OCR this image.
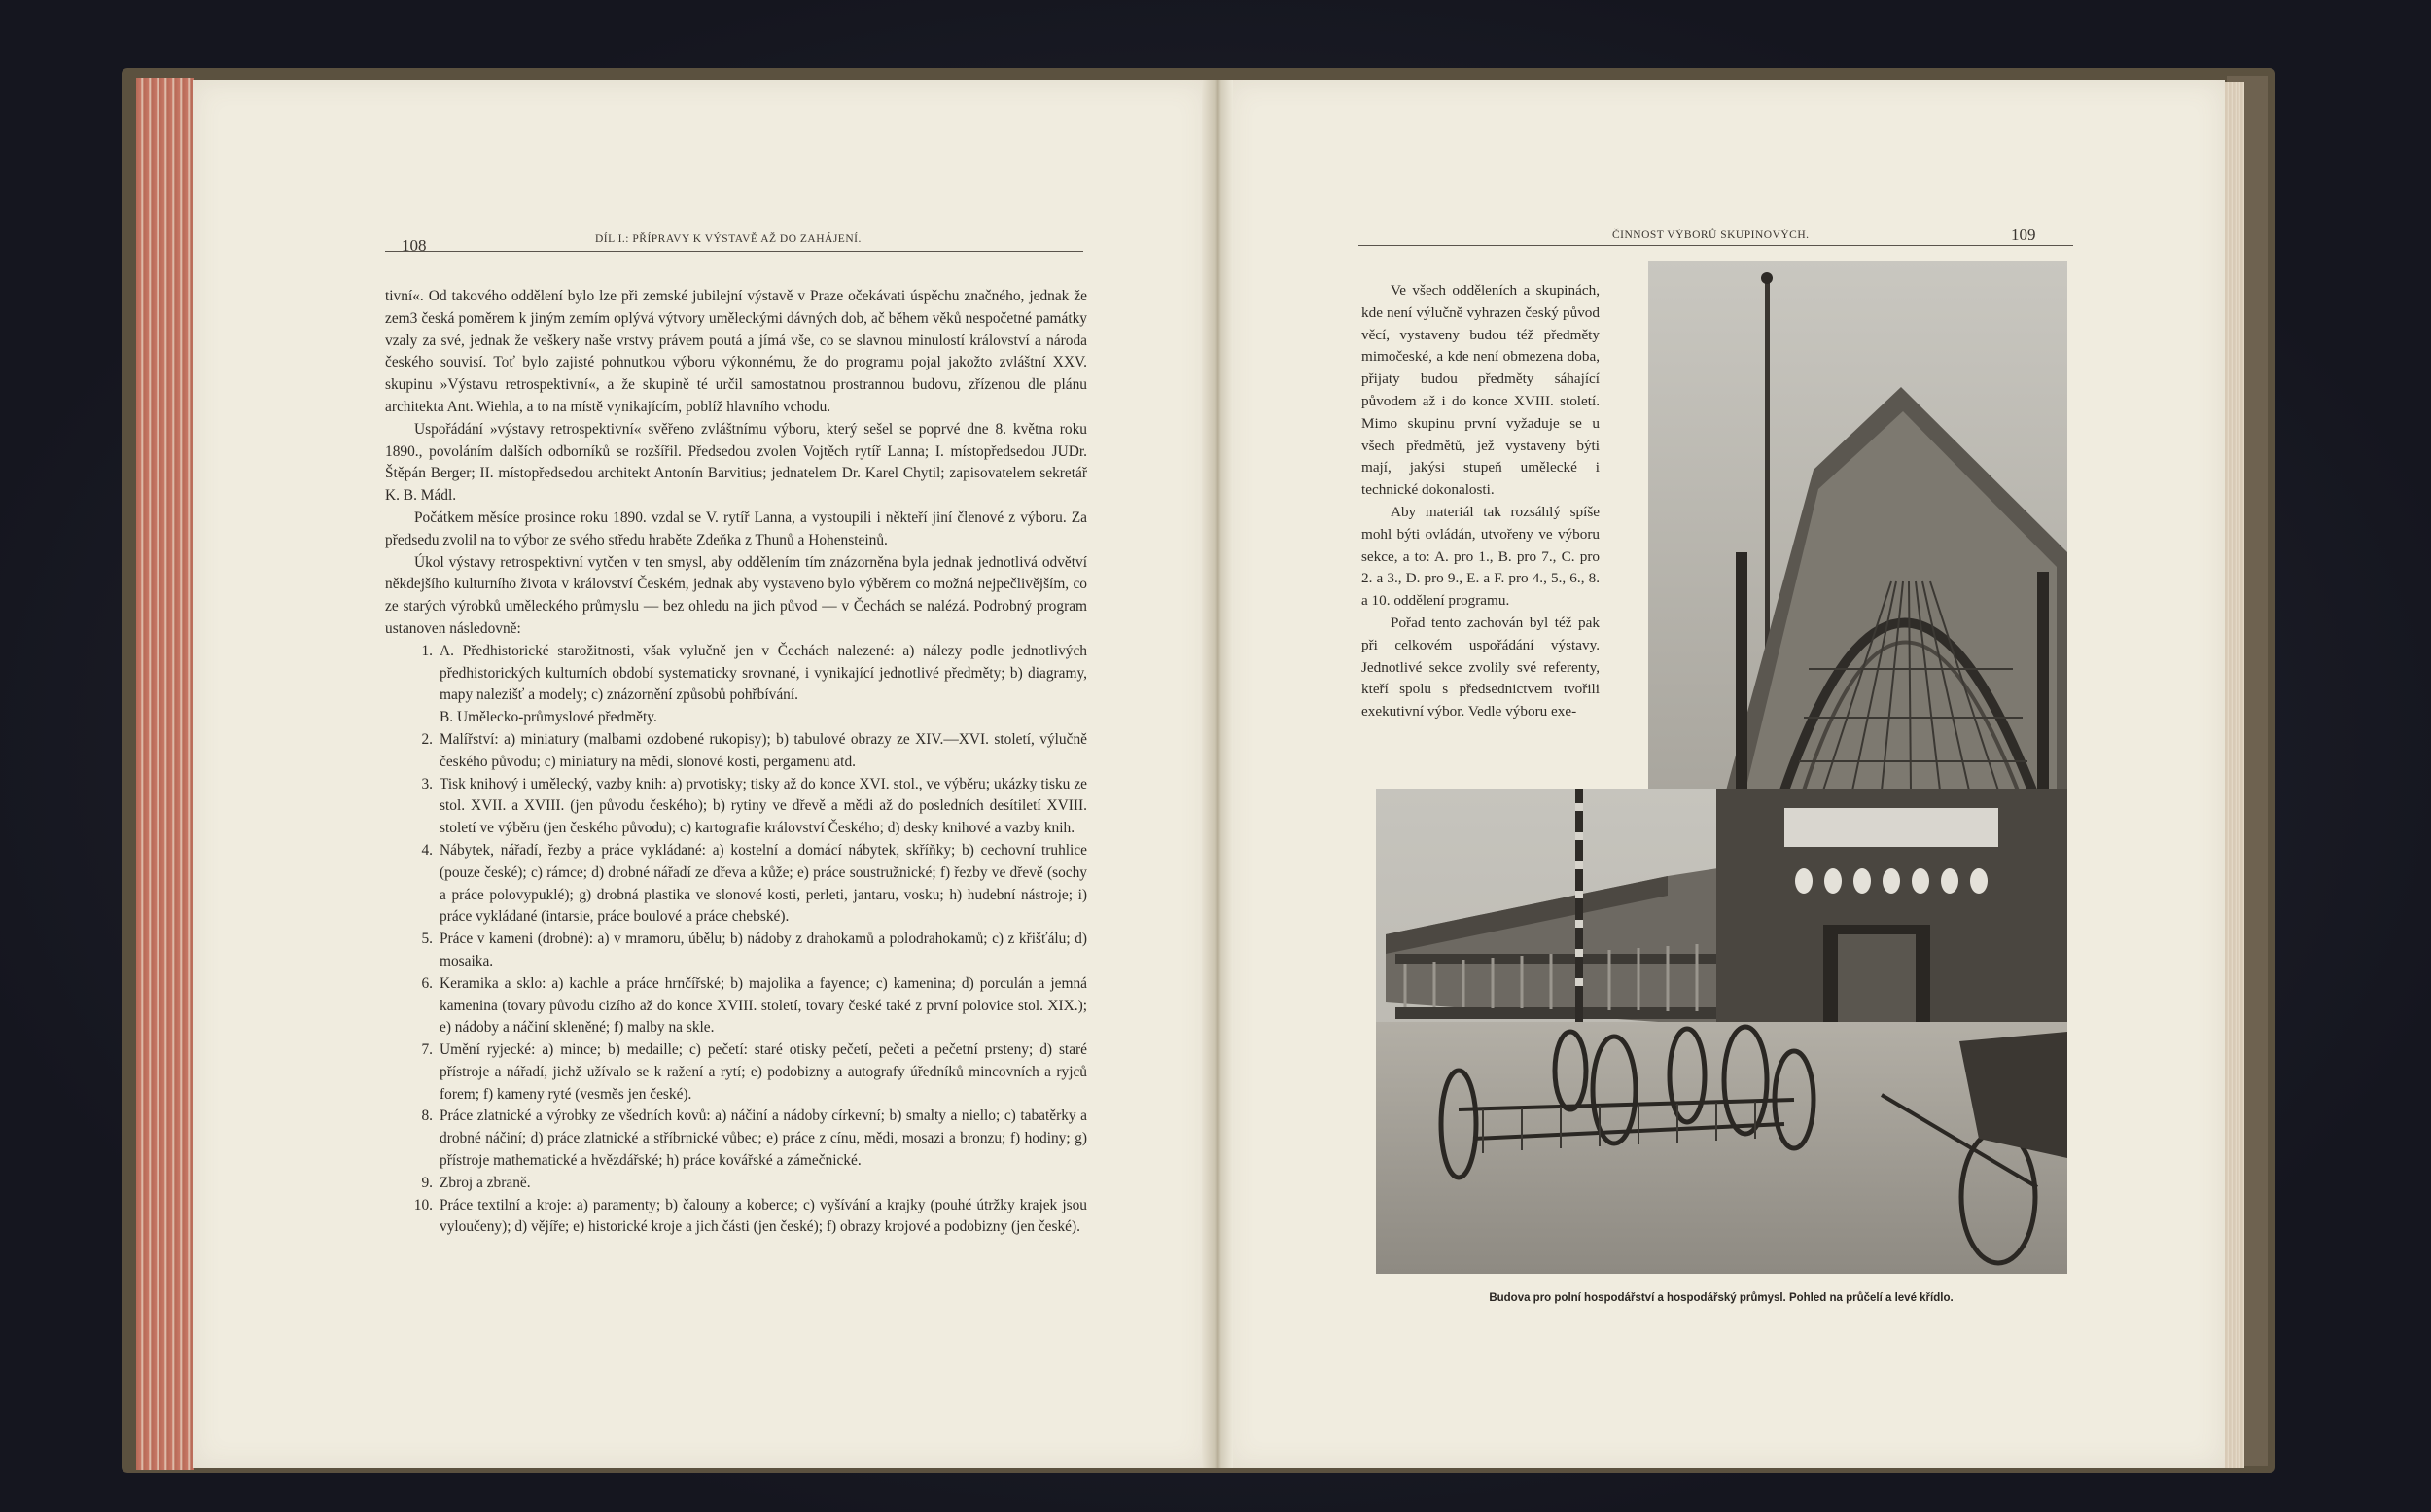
108	DÍL I.: PŘÍPRAVY K VÝSTAVĚ AŽ DO ZAHÁJENÍ.

tivní«. Od takového oddělení bylo lze při zemské jubilejní výstavě v Praze očekávati úspěchu značného, jednak že zem3 česká poměrem k jiným zemím oplývá výtvory uměleckými dávných dob, ač během věků nespočetné památky vzaly za své, jednak že veškery naše vrstvy právem poutá a jímá vše, co se slavnou minulostí království a národa českého souvisí. Toť bylo zajisté pohnutkou výboru výkonnému, že do programu pojal jakožto zvláštní XXV. skupinu »Výstavu retrospektivní«, a že skupině té určil samostatnou prostrannou budovu, zřízenou dle plánu architekta Ant. Wiehla, a to na místě vynikajícím, poblíž hlavního vchodu.

Uspořádání »výstavy retrospektivní« svěřeno zvláštnímu výboru, který sešel se poprvé dne 8. května roku 1890., povoláním dalších odborníků se rozšířil. Předsedou zvolen Vojtěch rytíř Lanna; I. místopředsedou JUDr. Štěpán Berger; II. místopředsedou architekt Antonín Barvitius; jednatelem Dr. Karel Chytil; zapisovatelem sekretář K. B. Mádl.

Počátkem měsíce prosince roku 1890. vzdal se V. rytíř Lanna, a vystoupili i někteří jiní členové z výboru. Za předsedu zvolil na to výbor ze svého středu hraběte Zdeňka z Thunů a Hohensteinů.

Úkol výstavy retrospektivní vytčen v ten smysl, aby oddělením tím znázorněna byla jednak jednotlivá odvětví někdejšího kulturního života v království Českém, jednak aby vystaveno bylo výběrem co možná nejpečlivějším, co ze starých výrobků uměleckého průmyslu — bez ohledu na jich původ — v Čechách se nalézá. Podrobný program ustanoven následovně:

1. A. Předhistorické starožitnosti, však vylučně jen v Čechách nalezené: a) nálezy podle jednotlivých předhistorických kulturních období systematicky srovnané, i vynikající jednotlivé předměty; b) diagramy, mapy nalezišť a modely; c) znázornění způsobů pohřbívání.
B. Umělecko-průmyslové předměty.
2. Malířství: a) miniatury (malbami ozdobené rukopisy); b) tabulové obrazy ze XIV.—XVI. století, výlučně českého původu; c) miniatury na mědi, slonové kosti, pergamenu atd.
3. Tisk knihový i umělecký, vazby knih: a) prvotisky; tisky až do konce XVI. stol., ve výběru; ukázky tisku ze stol. XVII. a XVIII. (jen původu českého); b) rytiny ve dřevě a mědi až do posledních desítiletí XVIII. století ve výběru (jen českého původu); c) kartografie království Českého; d) desky knihové a vazby knih.
4. Nábytek, nářadí, řezby a práce vykládané: a) kostelní a domácí nábytek, skříňky; b) cechovní truhlice (pouze české); c) rámce; d) drobné nářadí ze dřeva a kůže; e) práce soustružnické; f) řezby ve dřevě (sochy a práce polovypuklé); g) drobná plastika ve slonové kosti, perleti, jantaru, vosku; h) hudební nástroje; i) práce vykládané (intarsie, práce boulové a práce chebské).
5. Práce v kameni (drobné): a) v mramoru, úbělu; b) nádoby z drahokamů a polodrahokamů; c) z křišťálu; d) mosaika.
6. Keramika a sklo: a) kachle a práce hrnčířské; b) majolika a fayence; c) kamenina; d) porculán a jemná kamenina (tovary původu cizího až do konce XVIII. století, tovary české také z první polovice stol. XIX.); e) nádoby a náčiní skleněné; f) malby na skle.
7. Umění ryjecké: a) mince; b) medaille; c) pečetí: staré otisky pečetí, pečeti a pečetní prsteny; d) staré přístroje a nářadí, jichž užívalo se k ražení a rytí; e) podobizny a autografy úředníků mincovních a ryjců forem; f) kameny ryté (vesměs jen české).
8. Práce zlatnické a výrobky ze všedních kovů: a) náčiní a nádoby církevní; b) smalty a niello; c) tabatěrky a drobné náčiní; d) práce zlatnické a stříbrnické vůbec; e) práce z cínu, mědi, mosazi a bronzu; f) hodiny; g) přístroje mathematické a hvězdářské; h) práce kovářské a zámečnické.
9. Zbroj a zbraně.
10. Práce textilní a kroje: a) paramenty; b) čalouny a koberce; c) vyšívání a krajky (pouhé útržky krajek jsou vyloučeny); d) vějíře; e) historické kroje a jich části (jen české); f) obrazy krojové a podobizny (jen české).
ČINNOST VÝBORŮ SKUPINOVÝCH.	109

Ve všech odděleních a skupinách, kde není výlučně vyhrazen český původ věcí, vystaveny budou též předměty mimočeské, a kde není obmezena doba, přijaty budou předměty sáhající původem až i do konce XVIII. století. Mimo skupinu první vyžaduje se u všech předmětů, jež vystaveny býti mají, jakýsi stupeň umělecké i technické dokonalosti.

Aby materiál tak rozsáhlý spíše mohl býti ovládán, utvořeny ve výboru sekce, a to: A. pro 1., B. pro 7., C. pro 2. a 3., D. pro 9., E. a F. pro 4., 5., 6., 8. a 10. oddělení programu.

Pořad tento zachován byl též pak při celkovém uspořádání výstavy. Jednotlivé sekce zvolily své referenty, kteří spolu s předsednictvem tvořili exekutivní výbor. Vedle výboru exe-

Budova pro polní hospodářství a hospodářský průmysl. Pohled na průčelí a levé křídlo.
